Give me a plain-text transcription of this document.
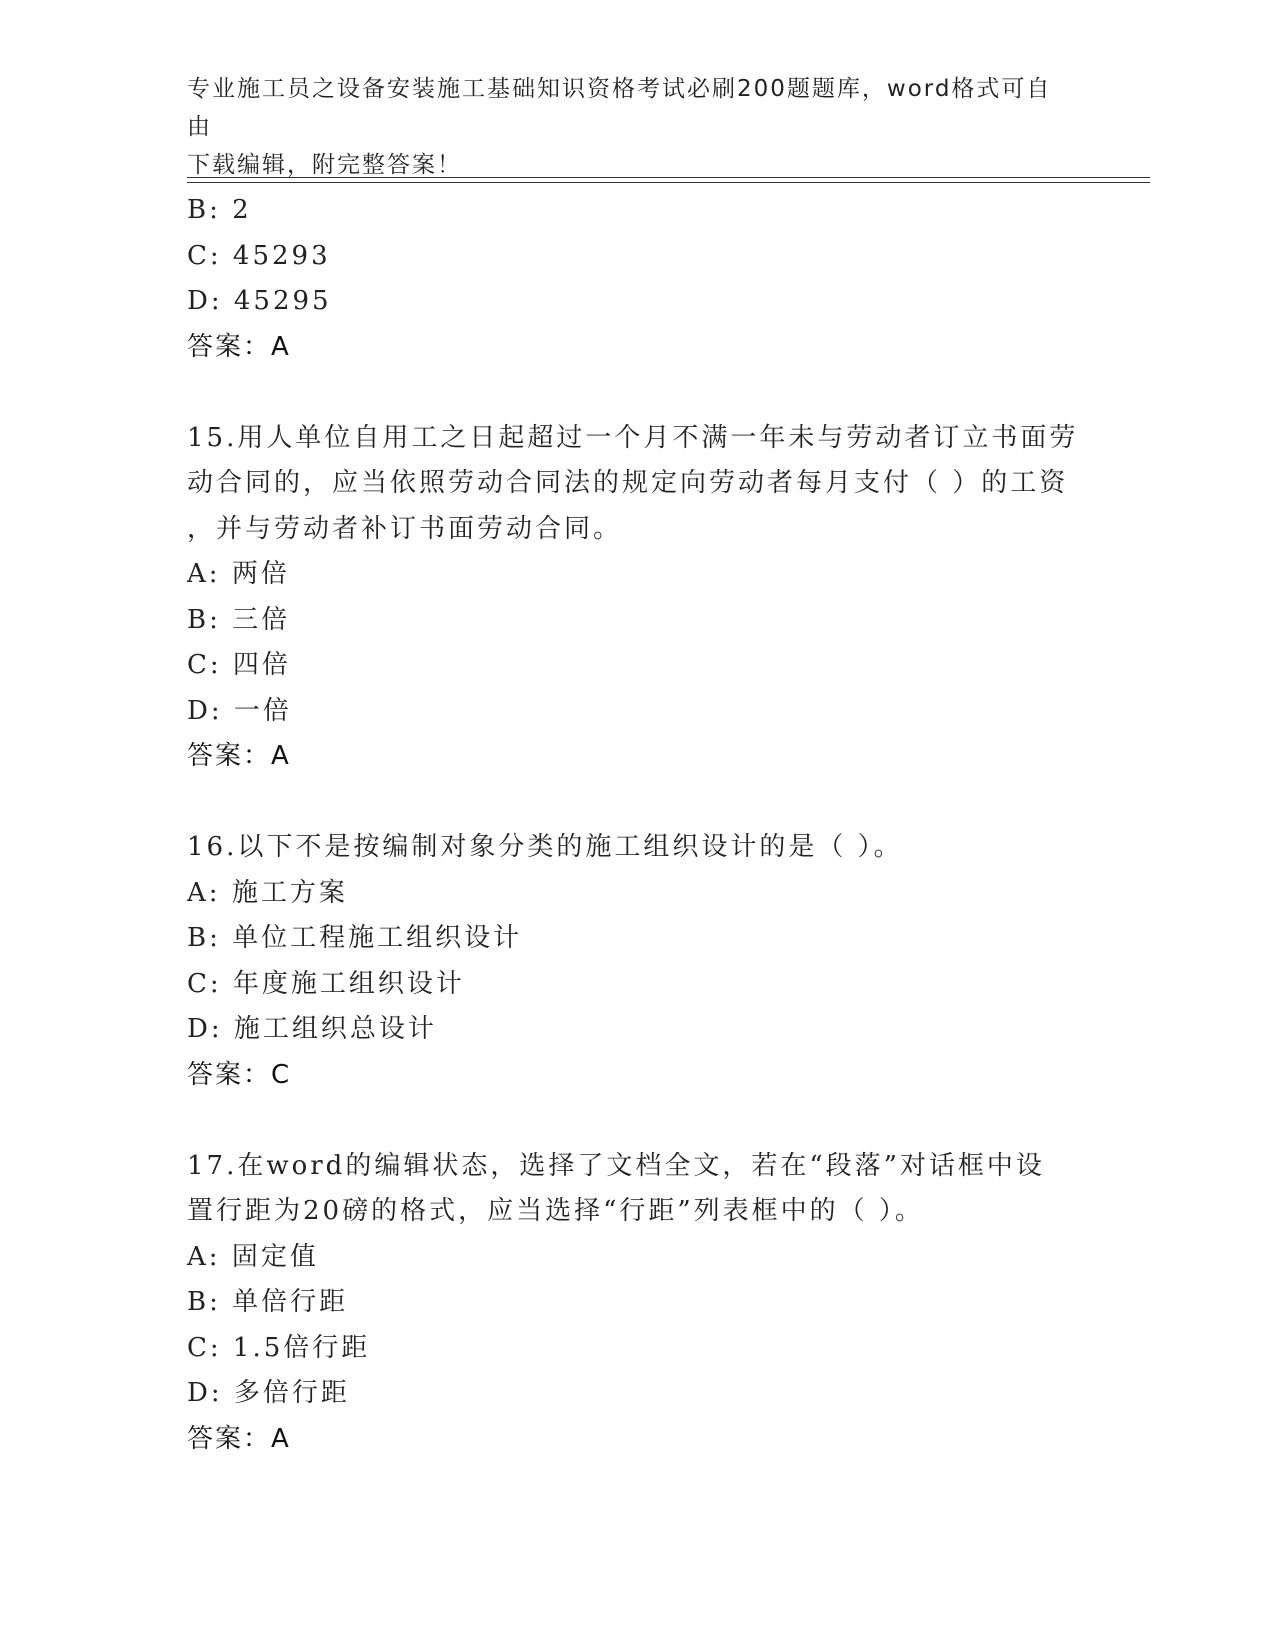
专业施工员之设备安装施工基础知识资格考试必刷200题题库，word格式可自由
下载编辑，附完整答案！
B: 2
C: 45293
D: 45295
答案：A
15.用人单位自用工之日起超过一个月不满一年未与劳动者订立书面劳
动合同的，应当依照劳动合同法的规定向劳动者每月支付（ ）的工资
，并与劳动者补订书面劳动合同。
A: 两倍
B: 三倍
C: 四倍
D: 一倍
答案：A
16.以下不是按编制对象分类的施工组织设计的是（ ）。
A: 施工方案
B: 单位工程施工组织设计
C: 年度施工组织设计
D: 施工组织总设计
答案：C
17.在word的编辑状态，选择了文档全文，若在“段落”对话框中设
置行距为20磅的格式，应当选择“行距”列表框中的（ ）。
A: 固定值
B: 单倍行距
C: 1.5倍行距
D: 多倍行距
答案：A
